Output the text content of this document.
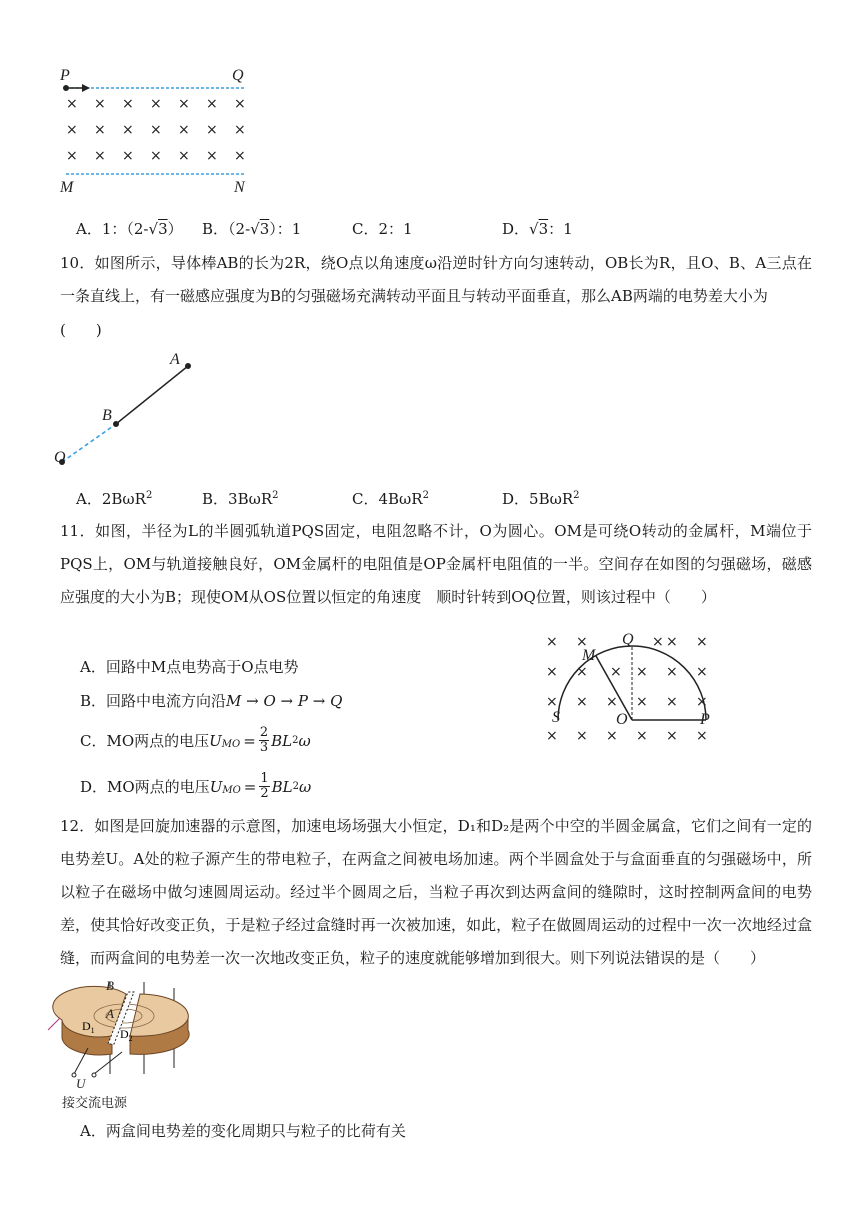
× × × × × × ×
× × × × × × ×
× × × × × × ×
P	Q
M	N
A．1：（2-√3） B．（2-√3）：1	C．2：1	D．√3：1
10．如图所示，导体棒AB的长为2R，绕O点以角速度ω沿逆时针方向匀速转动，OB长为R，且O、B、A三点在一条直线上，有一磁感应强度为B的匀强磁场充满转动平面且与转动平面垂直，那么AB两端的电势差大小为
(　　)
A
B
O
A．2BωR$^2$	B．3BωR$^2$	C．4BωR$^2$	D．5BωR$^2$
11．如图，半径为L的半圆弧轨道PQS固定，电阻忽略不计，O为圆心。OM是可绕O转动的金属杆，M端位于PQS上，OM与轨道接触良好，OM金属杆的电阻值是OP金属杆电阻值的一半。空间存在如图的匀强磁场，磁感应强度的大小为B；现使OM从OS位置以恒定的角速度　顺时针转到OQ位置，则该过程中（　　）
× ×	× × ×
× × × × × ×
× × × × × ×
× × × × × ×
Q
M
S	O	P
A．回路中M点电势高于O点电势
B．回路中电流方向沿M → O → P → Q
C．MO两点的电压 $U_{MO} = \frac{2}{3}$ BL 2 ω
D．MO两点的电压 $U_{MO} = \frac{1}{2}$ BL 2 ω
12．如图是回旋加速器的示意图，加速电场场强大小恒定，D₁和D₂是两个中空的半圆金属盒，它们之间有一定的电势差U。A处的粒子源产生的带电粒子，在两盒之间被电场加速。两个半圆盒处于与盒面垂直的匀强磁场中，所以粒子在磁场中做匀速圆周运动。经过半个圆周之后，当粒子再次到达两盒间的缝隙时，这时控制两盒间的电势差，使其恰好改变正负，于是粒子经过盒缝时再一次被加速，如此，粒子在做圆周运动的过程中一次一次地经过盒缝，而两盒间的电势差一次一次地改变正负，粒子的速度就能够增加到很大。则下列说法错误的是（　　）
B
A
$D_1$ $D_2$
U
接交流电源
A．两盒间电势差的变化周期只与粒子的比荷有关
